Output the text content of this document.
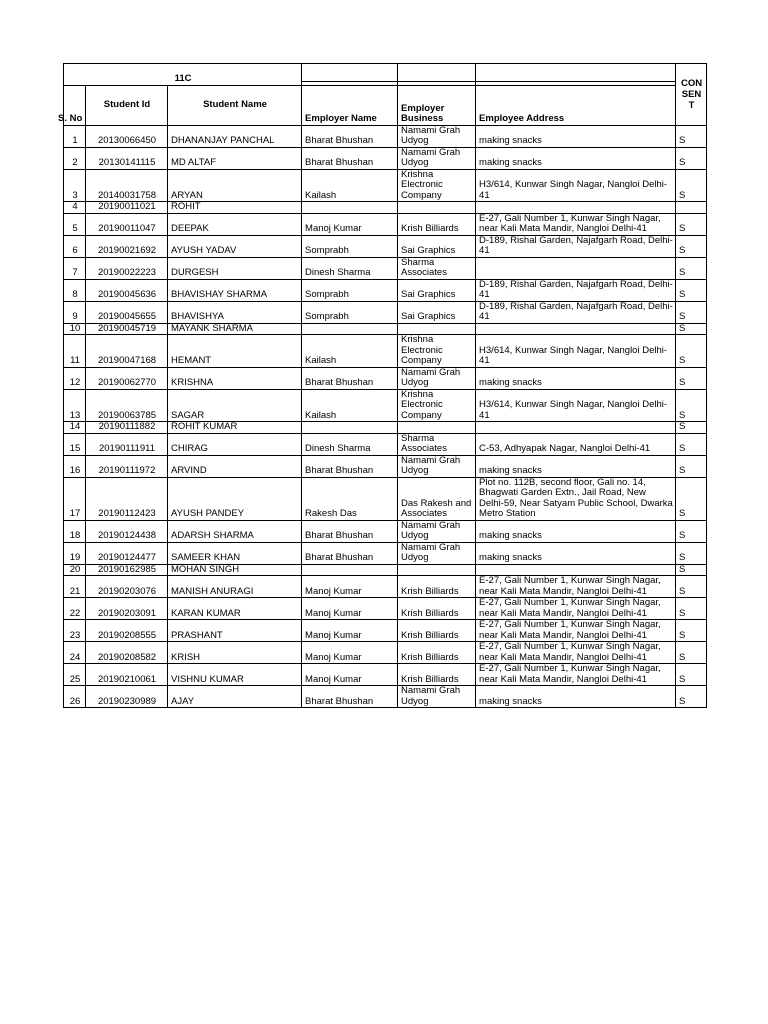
11C						CON SEN T

S. No	Student Id	Student Name	Employer Name	Employer Business	Employee Address	
1	20130066450	DHANANJAY PANCHAL	Bharat Bhushan	Namami Grah Udyog	making snacks	S
2	20130141115	MD ALTAF	Bharat Bhushan	Namami Grah Udyog	making snacks	S
3	20140031758	ARYAN	Kailash	Krishna Electronic Company	H3/614, Kunwar Singh Nagar, Nangloi Delhi-41	S
4	20190011021	ROHIT				
5	20190011047	DEEPAK	Manoj Kumar	Krish Billiards	E-27, Gali Number 1, Kunwar Singh Nagar, near Kali Mata Mandir, Nangloi Delhi-41	S
6	20190021692	AYUSH YADAV	Somprabh	Sai Graphics	D-189, Rishal Garden, Najafgarh Road, Delhi-41	S
7	20190022223	DURGESH	Dinesh Sharma	Sharma Associates		S
8	20190045636	BHAVISHAY SHARMA	Somprabh	Sai Graphics	D-189, Rishal Garden, Najafgarh Road, Delhi-41	S
9	20190045655	BHAVISHYA	Somprabh	Sai Graphics	D-189, Rishal Garden, Najafgarh Road, Delhi-41	S
10	20190045719	MAYANK SHARMA				S
11	20190047168	HEMANT	Kailash	Krishna Electronic Company	H3/614, Kunwar Singh Nagar, Nangloi Delhi-41	S
12	20190062770	KRISHNA	Bharat Bhushan	Namami Grah Udyog	making snacks	S
13	20190063785	SAGAR	Kailash	Krishna Electronic Company	H3/614, Kunwar Singh Nagar, Nangloi Delhi-41	S
14	20190111882	ROHIT KUMAR				S
15	20190111911	CHIRAG	Dinesh Sharma	Sharma Associates	C-53, Adhyapak Nagar, Nangloi Delhi-41	S
16	20190111972	ARVIND	Bharat Bhushan	Namami Grah Udyog	making snacks	S
17	20190112423	AYUSH PANDEY	Rakesh Das	Das Rakesh and Associates	Plot no. 112B, second floor, Gali no. 14, Bhagwati Garden Extn., Jail Road, New Delhi-59, Near Satyam Public School, Dwarka Metro Station	S
18	20190124438	ADARSH SHARMA	Bharat Bhushan	Namami Grah Udyog	making snacks	S
19	20190124477	SAMEER KHAN	Bharat Bhushan	Namami Grah Udyog	making snacks	S
20	20190162985	MOHAN SINGH				S
21	20190203076	MANISH ANURAGI	Manoj Kumar	Krish Billiards	E-27, Gali Number 1, Kunwar Singh Nagar, near Kali Mata Mandir, Nangloi Delhi-41	S
22	20190203091	KARAN KUMAR	Manoj Kumar	Krish Billiards	E-27, Gali Number 1, Kunwar Singh Nagar, near Kali Mata Mandir, Nangloi Delhi-41	S
23	20190208555	PRASHANT	Manoj Kumar	Krish Billiards	E-27, Gali Number 1, Kunwar Singh Nagar, near Kali Mata Mandir, Nangloi Delhi-41	S
24	20190208582	KRISH	Manoj Kumar	Krish Billiards	E-27, Gali Number 1, Kunwar Singh Nagar, near Kali Mata Mandir, Nangloi Delhi-41	S
25	20190210061	VISHNU KUMAR	Manoj Kumar	Krish Billiards	E-27, Gali Number 1, Kunwar Singh Nagar, near Kali Mata Mandir, Nangloi Delhi-41	S
26	20190230989	AJAY	Bharat Bhushan	Namami Grah Udyog	making snacks	S
